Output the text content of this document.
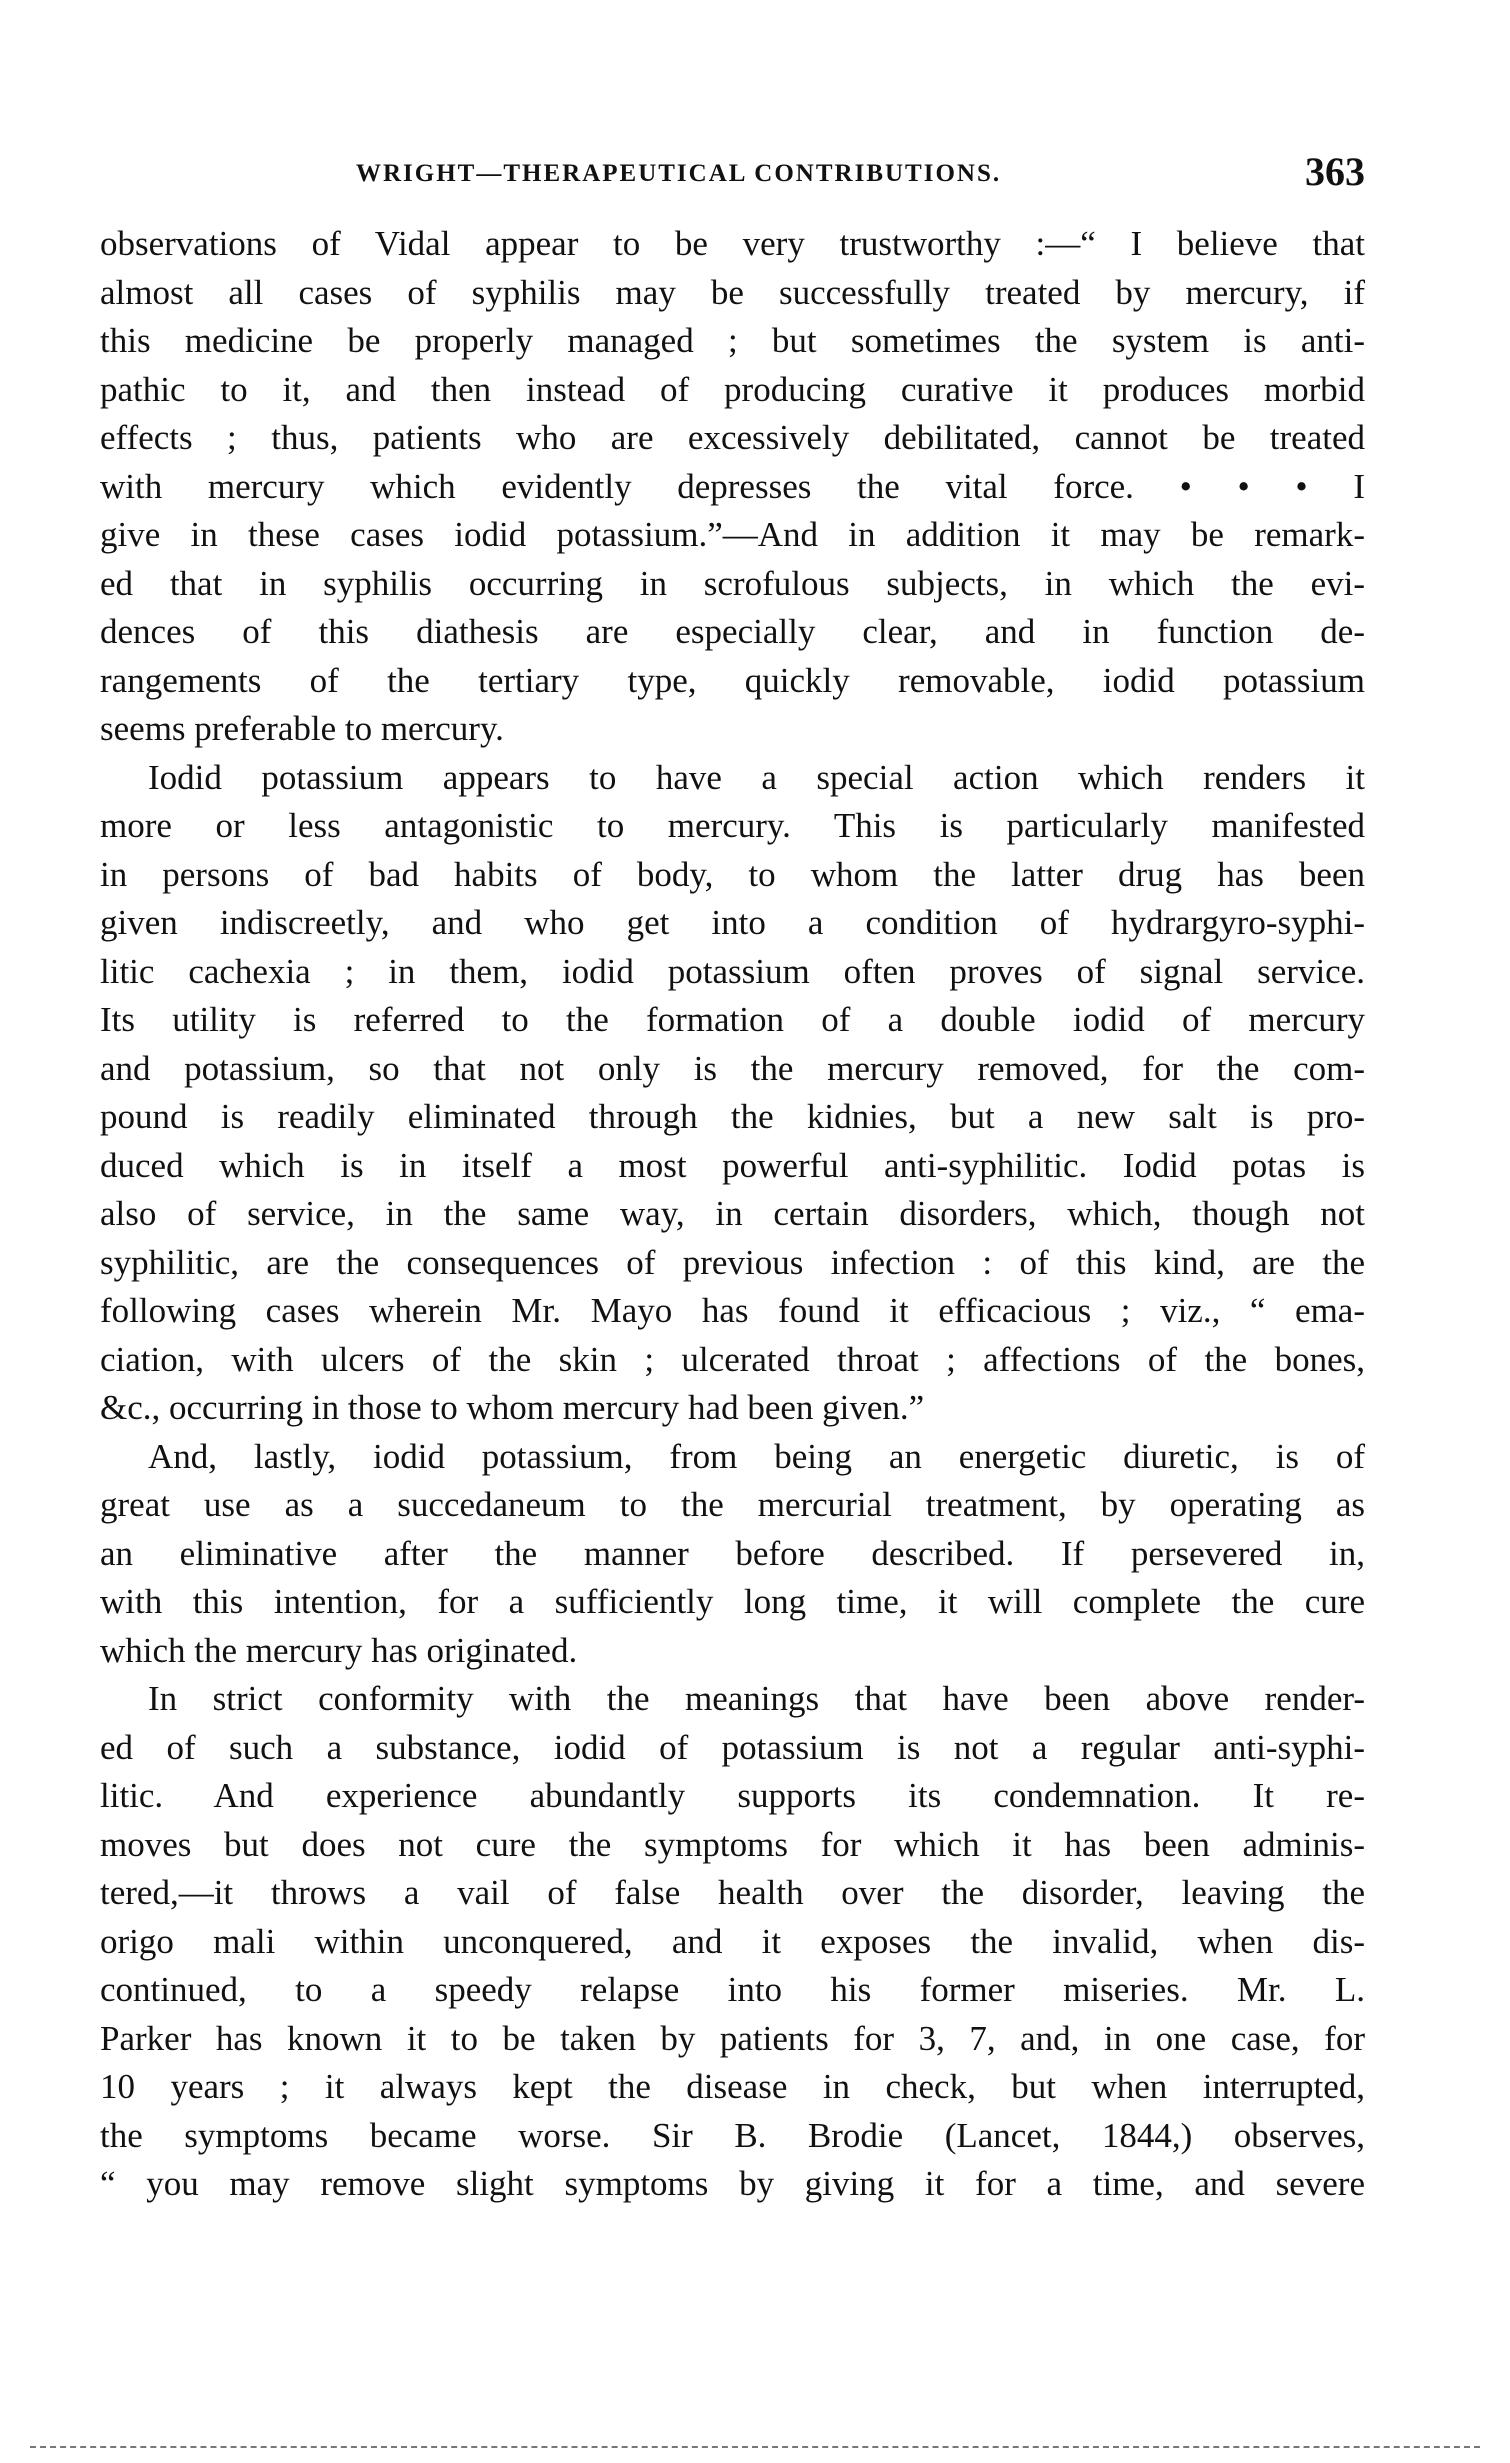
WRIGHT—THERAPEUTICAL CONTRIBUTIONS.	363
observations of Vidal appear to be very trustworthy :—“ I believe that
almost all cases of syphilis may be successfully treated by mercury, if
this medicine be properly managed ; but sometimes the system is anti-
pathic to it, and then instead of producing curative it produces morbid
effects ; thus, patients who are excessively debilitated, cannot be treated
with mercury which evidently depresses the vital force. • • • I
give in these cases iodid potassium.”—And in addition it may be remark-
ed that in syphilis occurring in scrofulous subjects, in which the evi-
dences of this diathesis are especially clear, and in function de-
rangements of the tertiary type, quickly removable, iodid potassium
seems preferable to mercury.
Iodid potassium appears to have a special action which renders it
more or less antagonistic to mercury. This is particularly manifested
in persons of bad habits of body, to whom the latter drug has been
given indiscreetly, and who get into a condition of hydrargyro-syphi-
litic cachexia ; in them, iodid potassium often proves of signal service.
Its utility is referred to the formation of a double iodid of mercury
and potassium, so that not only is the mercury removed, for the com-
pound is readily eliminated through the kidnies, but a new salt is pro-
duced which is in itself a most powerful anti-syphilitic. Iodid potas is
also of service, in the same way, in certain disorders, which, though not
syphilitic, are the consequences of previous infection : of this kind, are the
following cases wherein Mr. Mayo has found it efficacious ; viz., “ ema-
ciation, with ulcers of the skin ; ulcerated throat ; affections of the bones,
&c., occurring in those to whom mercury had been given.”
And, lastly, iodid potassium, from being an energetic diuretic, is of
great use as a succedaneum to the mercurial treatment, by operating as
an eliminative after the manner before described. If persevered in,
with this intention, for a sufficiently long time, it will complete the cure
which the mercury has originated.
In strict conformity with the meanings that have been above render-
ed of such a substance, iodid of potassium is not a regular anti-syphi-
litic. And experience abundantly supports its condemnation. It re-
moves but does not cure the symptoms for which it has been adminis-
tered,—it throws a vail of false health over the disorder, leaving the
origo mali within unconquered, and it exposes the invalid, when dis-
continued, to a speedy relapse into his former miseries. Mr. L.
Parker has known it to be taken by patients for 3, 7, and, in one case, for
10 years ; it always kept the disease in check, but when interrupted,
the symptoms became worse. Sir B. Brodie (Lancet, 1844,) observes,
“ you may remove slight symptoms by giving it for a time, and severe
